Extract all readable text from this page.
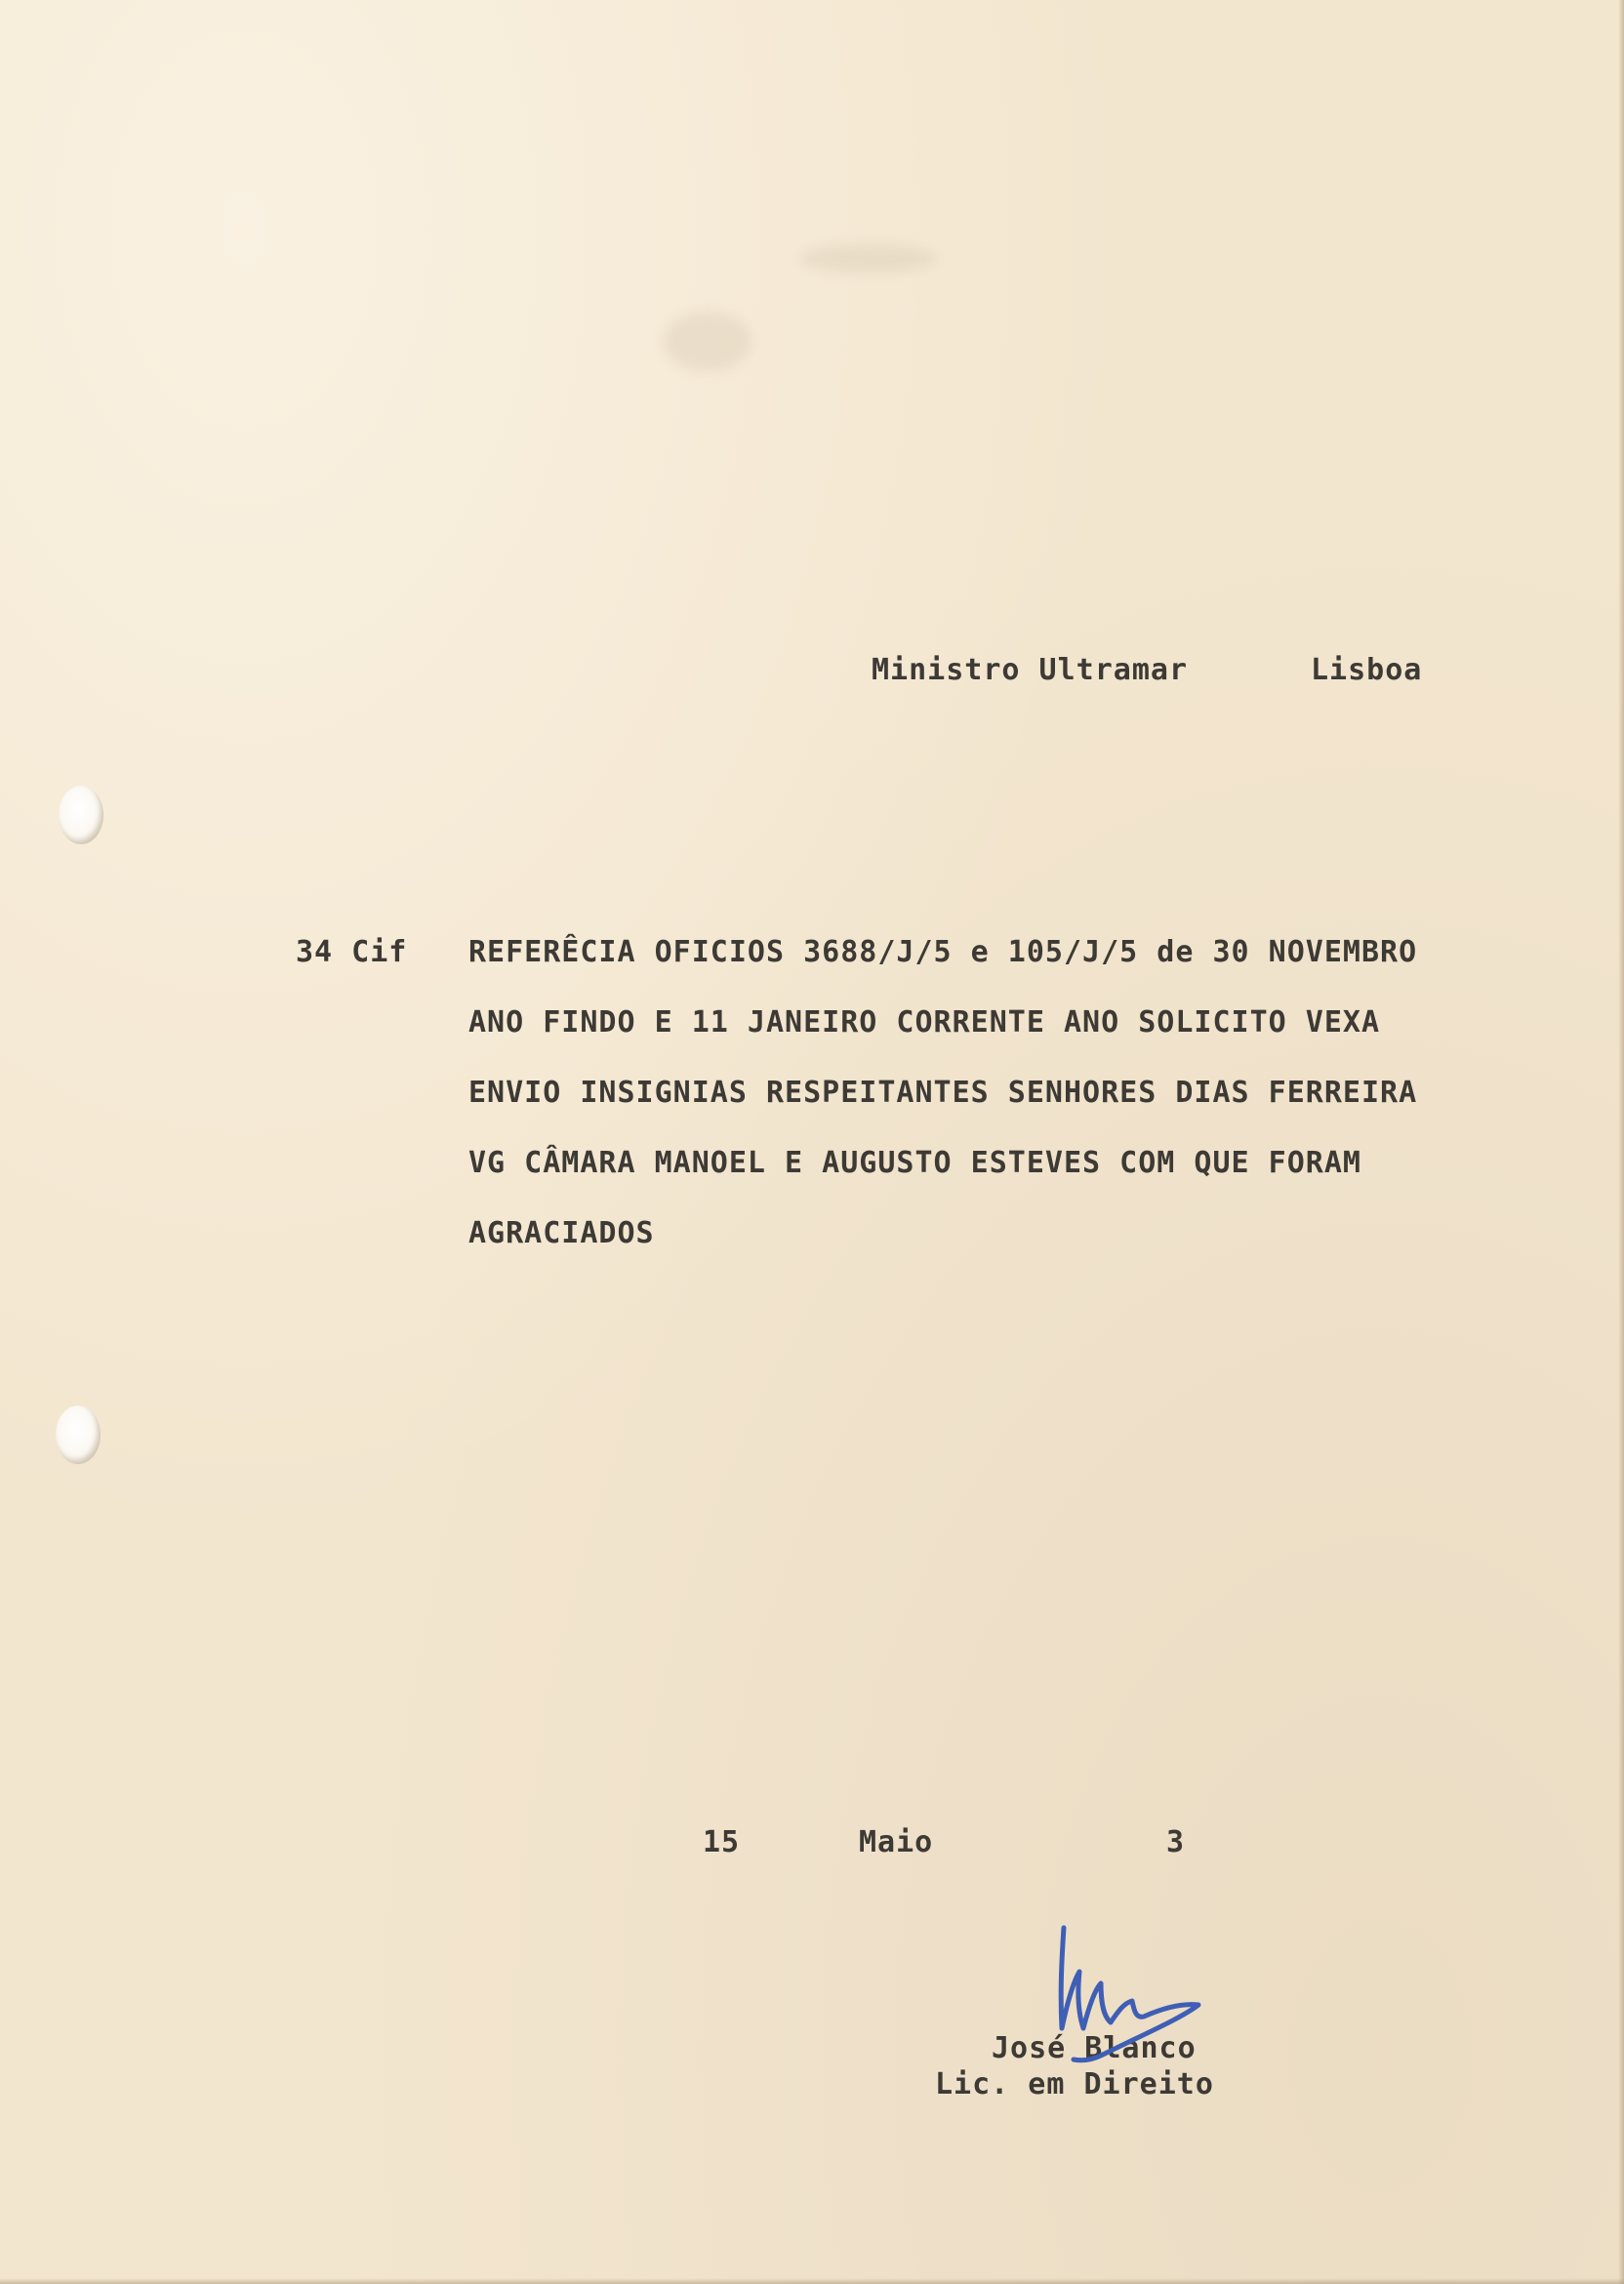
Ministro Ultramar	Lisboa
34 Cif REFERÊCIA OFICIOS 3688/J/5 e 105/J/5 de 30 NOVEMBRO
ANO FINDO E 11 JANEIRO CORRENTE ANO SOLICITO VEXA
ENVIO INSIGNIAS RESPEITANTES SENHORES DIAS FERREIRA
VG CÂMARA MANOEL E AUGUSTO ESTEVES COM QUE FORAM
AGRACIADOS
15	Maio	3
José Blanco
Lic. em Direito
